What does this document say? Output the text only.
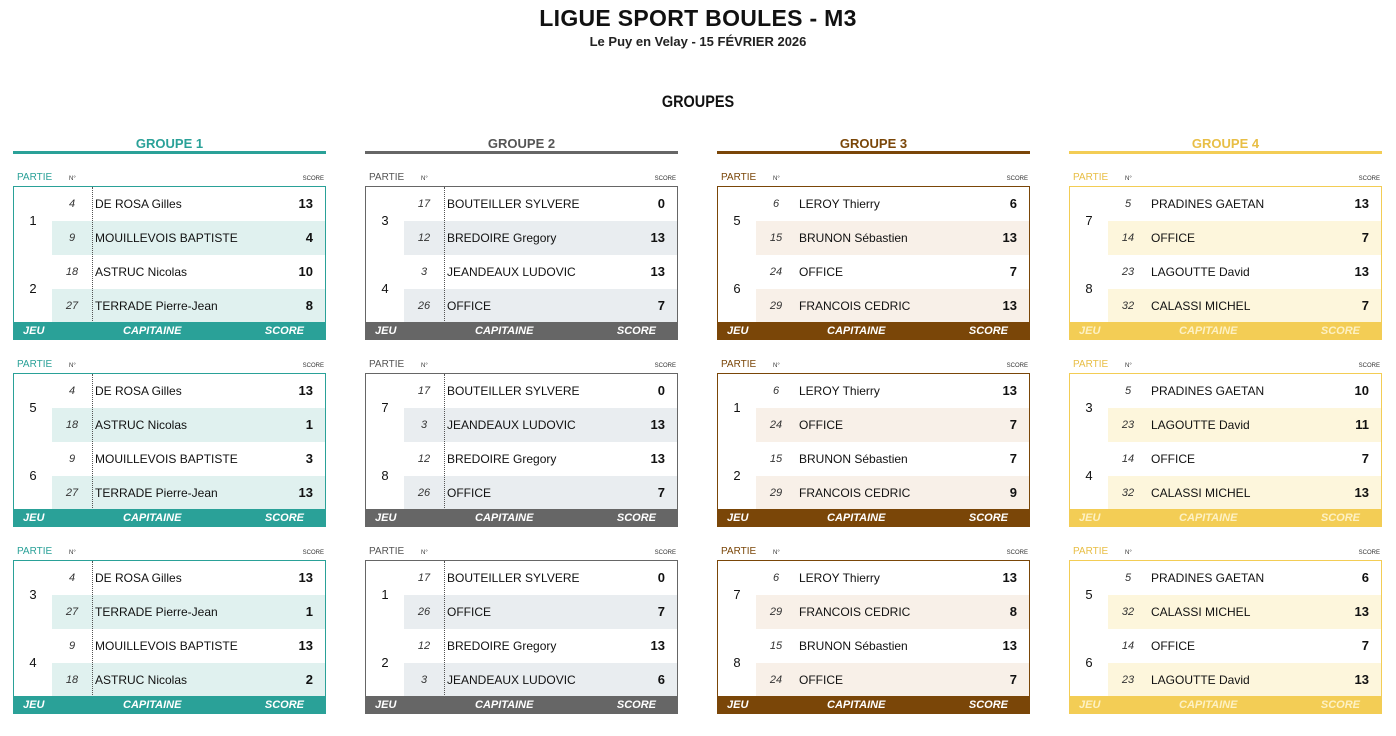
LIGUE SPORT BOULES - M3
Le Puy en Velay - 15 FÉVRIER 2026
GROUPES
GROUPE 1
PARTIE	N°	SCORE
1
4	DE ROSA Gilles	13
9	MOUILLEVOIS BAPTISTE	4
2
18	ASTRUC Nicolas	10
27	TERRADE Pierre-Jean	8
JEU	CAPITAINE	SCORE
PARTIE	N°	SCORE
5
4	DE ROSA Gilles	13
18	ASTRUC Nicolas	1
6
9	MOUILLEVOIS BAPTISTE	3
27	TERRADE Pierre-Jean	13
JEU	CAPITAINE	SCORE
PARTIE	N°	SCORE
3
4	DE ROSA Gilles	13
27	TERRADE Pierre-Jean	1
4
9	MOUILLEVOIS BAPTISTE	13
18	ASTRUC Nicolas	2
JEU	CAPITAINE	SCORE
GROUPE 2
PARTIE	N°	SCORE
3
17	BOUTEILLER SYLVERE	0
12	BREDOIRE Gregory	13
4
3	JEANDEAUX LUDOVIC	13
26	OFFICE	7
JEU	CAPITAINE	SCORE
PARTIE	N°	SCORE
7
17	BOUTEILLER SYLVERE	0
3	JEANDEAUX LUDOVIC	13
8
12	BREDOIRE Gregory	13
26	OFFICE	7
JEU	CAPITAINE	SCORE
PARTIE	N°	SCORE
1
17	BOUTEILLER SYLVERE	0
26	OFFICE	7
2
12	BREDOIRE Gregory	13
3	JEANDEAUX LUDOVIC	6
JEU	CAPITAINE	SCORE
GROUPE 3
PARTIE	N°	SCORE
5
6	LEROY Thierry	6
15	BRUNON Sébastien	13
6
24	OFFICE	7
29	FRANCOIS CEDRIC	13
JEU	CAPITAINE	SCORE
PARTIE	N°	SCORE
1
6	LEROY Thierry	13
24	OFFICE	7
2
15	BRUNON Sébastien	7
29	FRANCOIS CEDRIC	9
JEU	CAPITAINE	SCORE
PARTIE	N°	SCORE
7
6	LEROY Thierry	13
29	FRANCOIS CEDRIC	8
8
15	BRUNON Sébastien	13
24	OFFICE	7
JEU	CAPITAINE	SCORE
GROUPE 4
PARTIE	N°	SCORE
7
5	PRADINES GAETAN	13
14	OFFICE	7
8
23	LAGOUTTE David	13
32	CALASSI MICHEL	7
JEU	CAPITAINE	SCORE
PARTIE	N°	SCORE
3
5	PRADINES GAETAN	10
23	LAGOUTTE David	11
4
14	OFFICE	7
32	CALASSI MICHEL	13
JEU	CAPITAINE	SCORE
PARTIE	N°	SCORE
5
5	PRADINES GAETAN	6
32	CALASSI MICHEL	13
6
14	OFFICE	7
23	LAGOUTTE David	13
JEU	CAPITAINE	SCORE
